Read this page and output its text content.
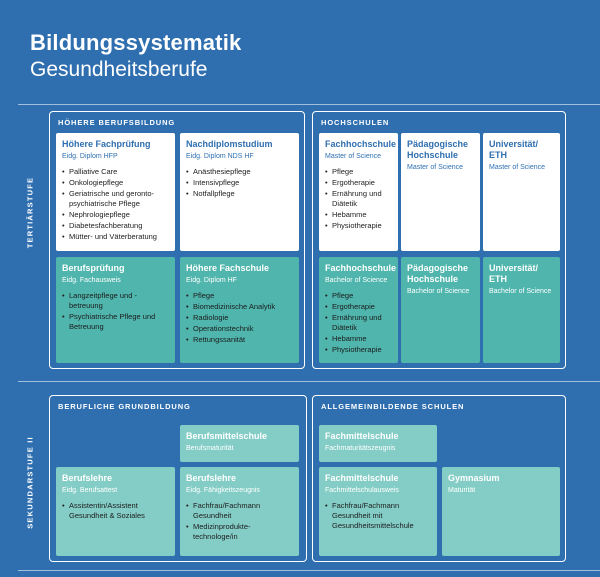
Bildungssystematik
Gesundheitsberufe
TERTIÄRSTUFE
SEKUNDARSTUFE II
HÖHERE BERUFSBILDUNG	HOCHSCHULEN
BERUFLICHE GRUNDBILDUNG	ALLGEMEINBILDENDE SCHULEN
Höhere Fachprüfung
Eidg. Diplom HFP
• Palliative Care
• Onkologiepflege
• Geriatrische und geronto-psychiatrische Pflege
• Nephrologiepflege
• Diabetesfachberatung
• Mütter- und Väterberatung
Nachdiplomstudium
Eidg. Diplom NDS HF
• Anästhesiepflege
• Intensivpflege
• Notfallpflege
Fachhochschule
Master of Science
• Pflege
• Ergotherapie
• Ernährung und Diätetik
• Hebamme
• Physiotherapie
Pädagogische Hochschule
Master of Science
Universität/ ETH
Master of Science
Berufsprüfung
Eidg. Fachausweis
• Langzeitpflege und -betreuung
• Psychiatrische Pflege und Betreuung
Höhere Fachschule
Eidg. Diplom HF
• Pflege
• Biomedizinische Analytik
• Radiologie
• Operationstechnik
• Rettungssanität
Fachhochschule
Bachelor of Science
• Pflege
• Ergotherapie
• Ernährung und Diätetik
• Hebamme
• Physiotherapie
Pädagogische Hochschule
Bachelor of Science
Universität/ ETH
Bachelor of Science
Berufsmittelschule
Berufsmaturität
Fachmittelschule
Fachmaturitätszeugnis
Berufslehre
Eidg. Berufsattest
• Assistentin/Assistent Gesundheit & Soziales
Berufslehre
Eidg. Fähigkeitszeugnis
• Fachfrau/Fachmann Gesundheit
• Medizinprodukte-technologe/in
Fachmittelschule
Fachmittelschulausweis
• Fachfrau/Fachmann Gesundheit mit Gesundheitsmittelschule
Gymnasium
Maturität
